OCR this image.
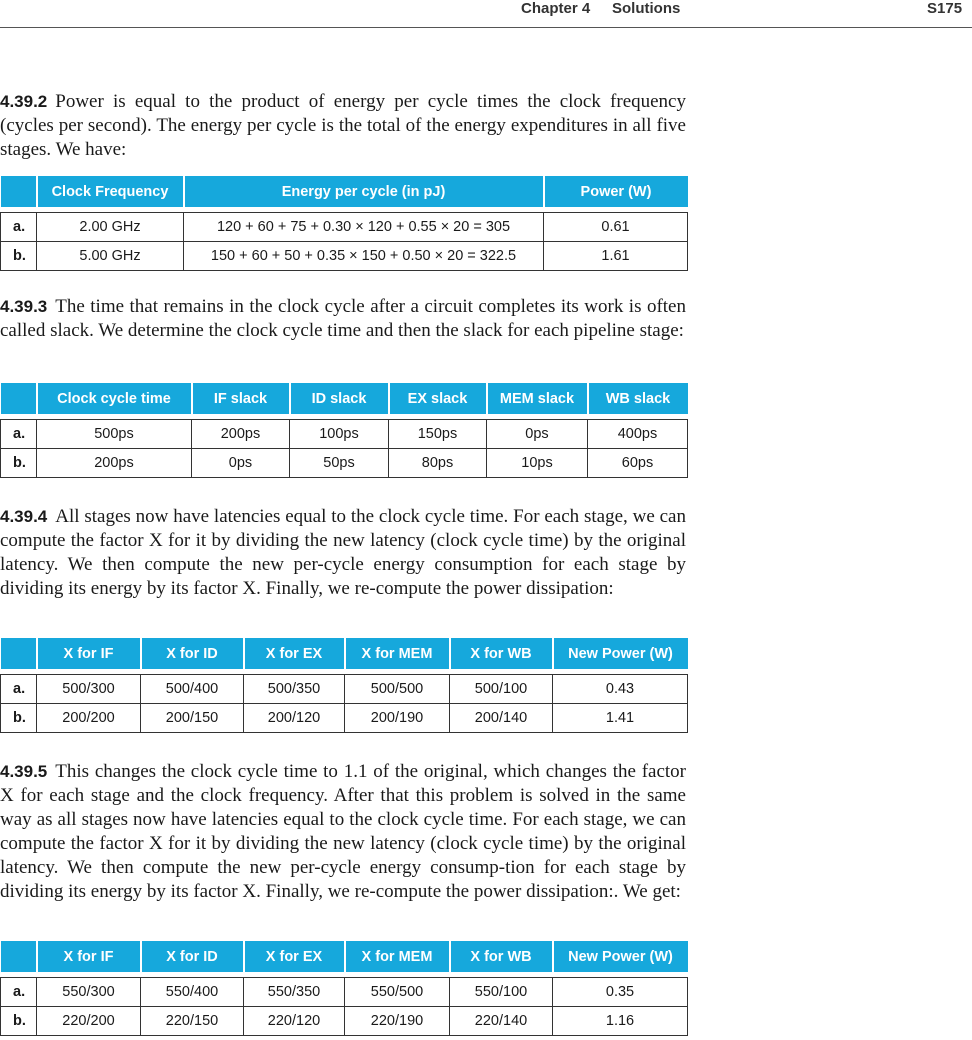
Chapter 4 Solutions	S175

4.39.2 Power is equal to the product of energy per cycle times the clock frequency (cycles per second). The energy per cycle is the total of the energy expenditures in all five stages. We have:

	Clock Frequency	Energy per cycle (in pJ)	Power (W)

a.	2.00 GHz	120 + 60 + 75 + 0.30 × 120 + 0.55 × 20 = 305	0.61
b.	5.00 GHz	150 + 60 + 50 + 0.35 × 150 + 0.50 × 20 = 322.5	1.61

4.39.3 The time that remains in the clock cycle after a circuit completes its work is often called slack. We determine the clock cycle time and then the slack for each pipeline stage:

	Clock cycle time	IF slack	ID slack	EX slack	MEM slack	WB slack

a.	500ps	200ps	100ps	150ps	0ps	400ps
b.	200ps	0ps	50ps	80ps	10ps	60ps

4.39.4 All stages now have latencies equal to the clock cycle time. For each stage, we can compute the factor X for it by dividing the new latency (clock cycle time) by the original latency. We then compute the new per-cycle energy consumption for each stage by dividing its energy by its factor X. Finally, we re-compute the power dissipation:

	X for IF	X for ID	X for EX	X for MEM	X for WB	New Power (W)

a.	500/300	500/400	500/350	500/500	500/100	0.43
b.	200/200	200/150	200/120	200/190	200/140	1.41

4.39.5 This changes the clock cycle time to 1.1 of the original, which changes the factor X for each stage and the clock frequency. After that this problem is solved in the same way as all stages now have latencies equal to the clock cycle time. For each stage, we can compute the factor X for it by dividing the new latency (clock cycle time) by the original latency. We then compute the new per-cycle energy consump-tion for each stage by dividing its energy by its factor X. Finally, we re-compute the power dissipation:. We get:

	X for IF	X for ID	X for EX	X for MEM	X for WB	New Power (W)

a.	550/300	550/400	550/350	550/500	550/100	0.35
b.	220/200	220/150	220/120	220/190	220/140	1.16
